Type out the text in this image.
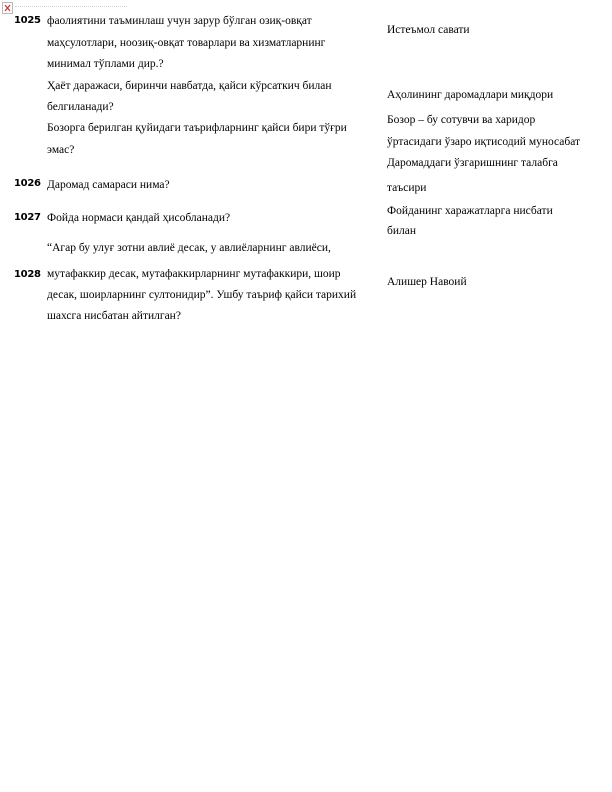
1025 фаолиятини таъминлаш учун зарур бўлган озиқ-овқат
маҳсулотлари, ноозиқ-овқат товарлари ва хизматларнинг
минимал тўплами дир.?
Ҳаёт даражаси, биринчи навбатда, қайси кўрсаткич билан
белгиланади?
Бозорга берилган қуйидаги таърифларнинг қайси бири тўғри
эмас?
Истеъмол савати
Аҳолининг даромадлари миқдори
Бозор – бу сотувчи ва харидор
ўртасидаги ўзаро иқтисодий муносабат
1026 Даромад самараси нима?
Даромаддаги ўзгаришнинг талабга
таъсири
1027 Фойда нормаси қандай ҳисобланади?
“Агар бу улуғ зотни авлиё десак, у авлиёларнинг авлиёси,
Фойданинг харажатларга нисбати
билан
1028 мутафаккир десак, мутафаккирларнинг мутафаккири, шоир
десак, шоирларнинг султонидир”. Ушбу таъриф қайси тарихий
шахсга нисбатан айтилган?
Алишер Навоий
